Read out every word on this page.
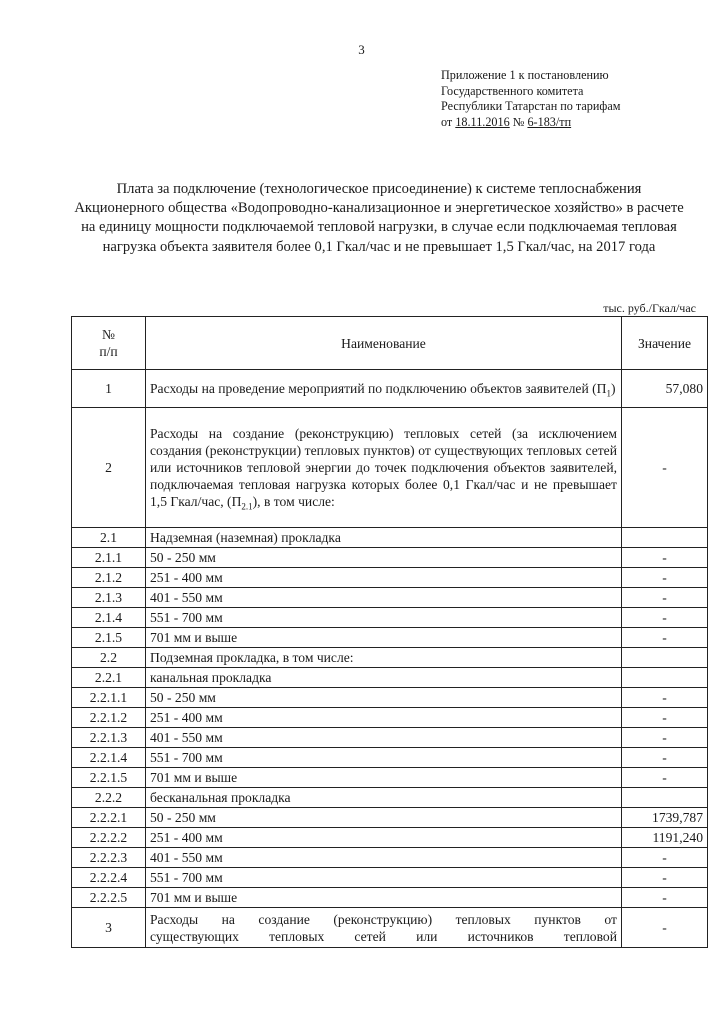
3
Приложение 1 к постановлению
Государственного комитета
Республики Татарстан по тарифам
от 18.11.2016 № 6-183/тп
Плата за подключение (технологическое присоединение) к системе теплоснабжения Акционерного общества «Водопроводно-канализационное и энергетическое хозяйство» в расчете на единицу мощности подключаемой тепловой нагрузки, в случае если подключаемая тепловая нагрузка объекта заявителя более 0,1 Гкал/час и не превышает 1,5 Гкал/час, на 2017 года
тыс. руб./Гкал/час
№
п/п	Наименование	Значение
1	Расходы на проведение мероприятий по подключению объектов заявителей $(П_1)$	57,080
2	Расходы на создание (реконструкцию) тепловых сетей (за исключением создания (реконструкции) тепловых пунктов) от существующих тепловых сетей или источников тепловой энергии до точек подключения объектов заявителей, подключаемая тепловая нагрузка которых более 0,1 Гкал/час и не превышает 1,5 Гкал/час, $(П_{2.1})$, в том числе:	-
2.1	Надземная (наземная) прокладка	
2.1.1	50 - 250 мм	-
2.1.2	251 - 400 мм	-
2.1.3	401 - 550 мм	-
2.1.4	551 - 700 мм	-
2.1.5	701 мм и выше	-
2.2	Подземная прокладка, в том числе:	
2.2.1	канальная прокладка	
2.2.1.1	50 - 250 мм	-
2.2.1.2	251 - 400 мм	-
2.2.1.3	401 - 550 мм	-
2.2.1.4	551 - 700 мм	-
2.2.1.5	701 мм и выше	-
2.2.2	бесканальная прокладка	
2.2.2.1	50 - 250 мм	1739,787
2.2.2.2	251 - 400 мм	1191,240
2.2.2.3	401 - 550 мм	-
2.2.2.4	551 - 700 мм	-
2.2.2.5	701 мм и выше	-
3	Расходы на создание (реконструкцию) тепловых пунктов от
существующих тепловых сетей или источников тепловой	-
